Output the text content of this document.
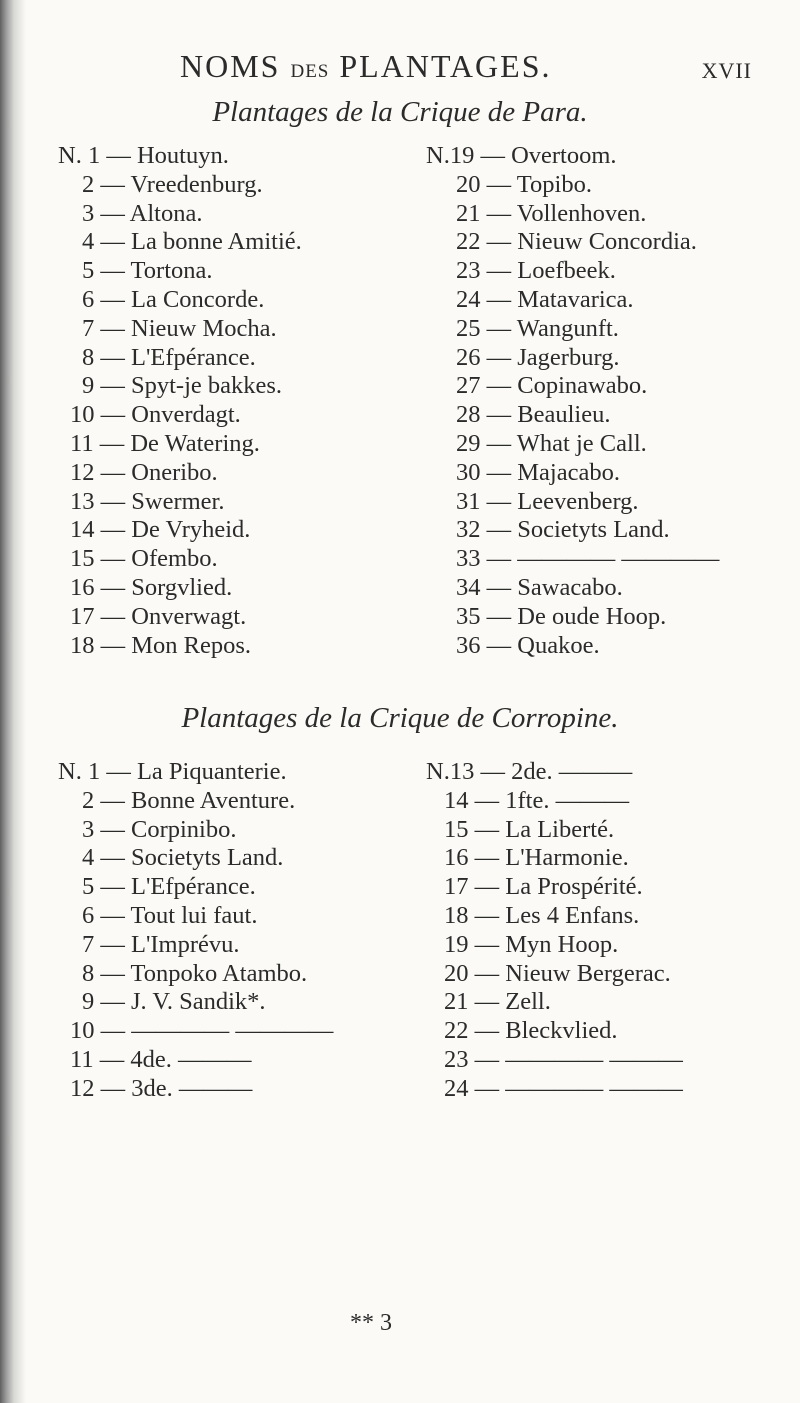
NOMS DES PLANTAGES.	XVII
Plantages de la Crique de Para.
N. 1 — Houtuyn.
2 — Vreedenburg.
3 — Altona.
4 — La bonne Amitié.
5 — Tortona.
6 — La Concorde.
7 — Nieuw Mocha.
8 — L'Efpérance.
9 — Spyt-je bakkes.
10 — Onverdagt.
11 — De Watering.
12 — Oneribo.
13 — Swermer.
14 — De Vryheid.
15 — Ofembo.
16 — Sorgvlied.
17 — Onverwagt.
18 — Mon Repos.
N.19 — Overtoom.
20 — Topibo.
21 — Vollenhoven.
22 — Nieuw Concordia.
23 — Loefbeek.
24 — Matavarica.
25 — Wangunft.
26 — Jagerburg.
27 — Copinawabo.
28 — Beaulieu.
29 — What je Call.
30 — Majacabo.
31 — Leevenberg.
32 — Societyts Land.
33 — ———— ————
34 — Sawacabo.
35 — De oude Hoop.
36 — Quakoe.
Plantages de la Crique de Corropine.
N. 1 — La Piquanterie.
2 — Bonne Aventure.
3 — Corpinibo.
4 — Societyts Land.
5 — L'Efpérance.
6 — Tout lui faut.
7 — L'Imprévu.
8 — Tonpoko Atambo.
9 — J. V. Sandik*.
10 — ———— ————
11 — 4de. ———
12 — 3de. ———
N.13 — 2de. ———
14 — 1fte. ———
15 — La Liberté.
16 — L'Harmonie.
17 — La Prospérité.
18 — Les 4 Enfans.
19 — Myn Hoop.
20 — Nieuw Bergerac.
21 — Zell.
22 — Bleckvlied.
23 — ———— ———
24 — ———— ———
** 3
